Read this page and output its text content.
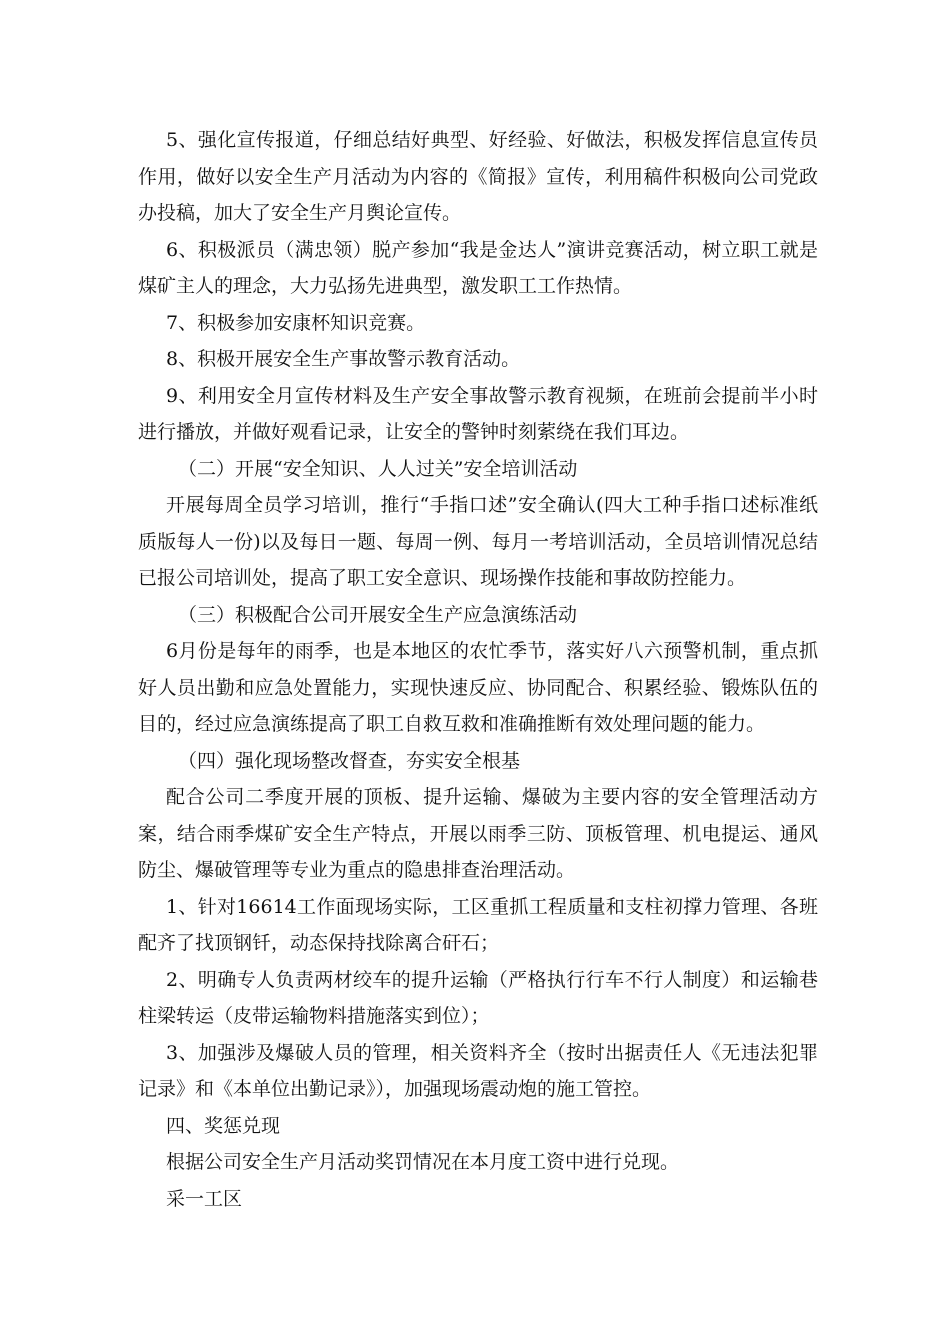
5、强化宣传报道，仔细总结好典型、好经验、好做法，积极发挥信息宣传员作用，做好以安全生产月活动为内容的《简报》宣传，利用稿件积极向公司党政办投稿，加大了安全生产月舆论宣传。

6、积极派员（满忠领）脱产参加“我是金达人”演讲竞赛活动，树立职工就是煤矿主人的理念，大力弘扬先进典型，激发职工工作热情。

7、积极参加安康杯知识竞赛。

8、积极开展安全生产事故警示教育活动。

9、利用安全月宣传材料及生产安全事故警示教育视频，在班前会提前半小时进行播放，并做好观看记录，让安全的警钟时刻萦绕在我们耳边。

（二）开展“安全知识、人人过关”安全培训活动

开展每周全员学习培训，推行“手指口述”安全确认(四大工种手指口述标准纸质版每人一份)以及每日一题、每周一例、每月一考培训活动，全员培训情况总结已报公司培训处，提高了职工安全意识、现场操作技能和事故防控能力。

（三）积极配合公司开展安全生产应急演练活动

6月份是每年的雨季，也是本地区的农忙季节，落实好八六预警机制，重点抓好人员出勤和应急处置能力，实现快速反应、协同配合、积累经验、锻炼队伍的目的，经过应急演练提高了职工自救互救和准确推断有效处理问题的能力。

（四）强化现场整改督查，夯实安全根基

配合公司二季度开展的顶板、提升运输、爆破为主要内容的安全管理活动方案，结合雨季煤矿安全生产特点，开展以雨季三防、顶板管理、机电提运、通风防尘、爆破管理等专业为重点的隐患排查治理活动。

1、针对16614工作面现场实际，工区重抓工程质量和支柱初撑力管理、各班配齐了找顶钢钎，动态保持找除离合矸石；

2、明确专人负责两材绞车的提升运输（严格执行行车不行人制度）和运输巷柱梁转运（皮带运输物料措施落实到位）；

3、加强涉及爆破人员的管理，相关资料齐全（按时出据责任人《无违法犯罪记录》和《本单位出勤记录》），加强现场震动炮的施工管控。

四、奖惩兑现

根据公司安全生产月活动奖罚情况在本月度工资中进行兑现。

采一工区
